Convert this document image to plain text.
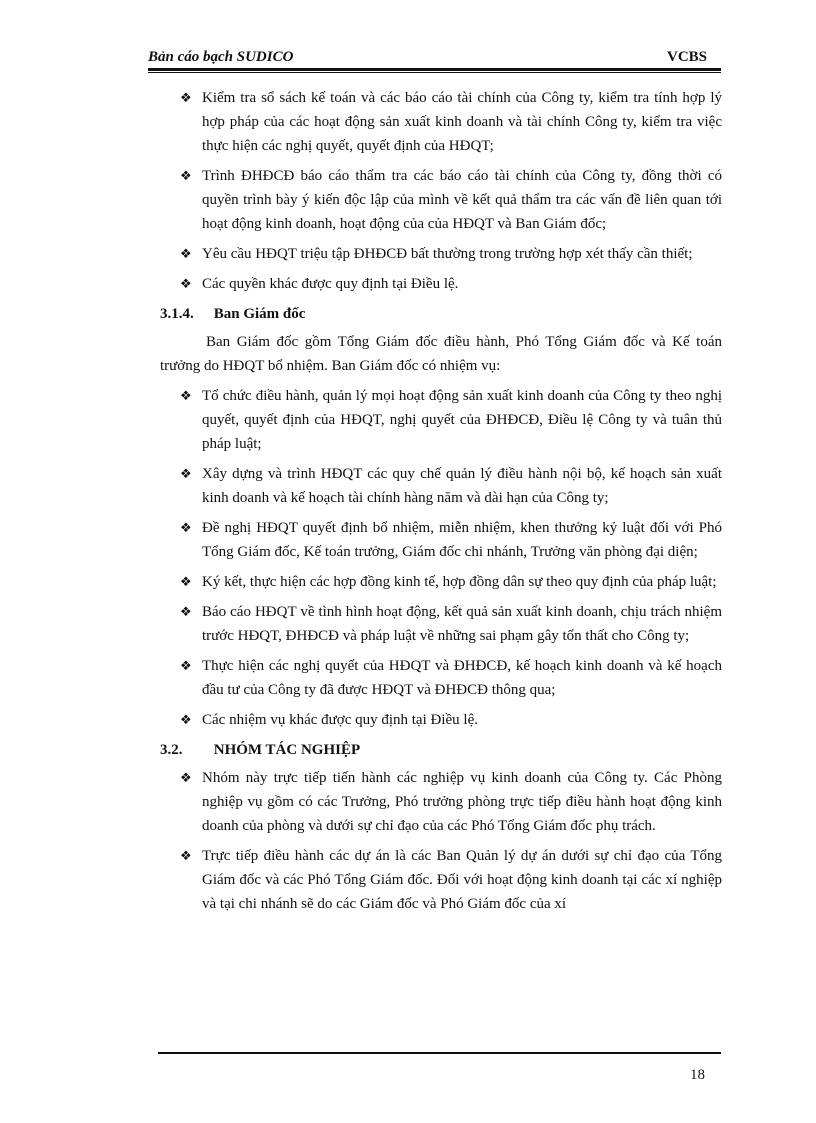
Bản cáo bạch SUDICO	VCBS
❖ Kiểm tra sổ sách kế toán và các báo cáo tài chính của Công ty, kiểm tra tính hợp lý hợp pháp của các hoạt động sản xuất kinh doanh và tài chính Công ty, kiểm tra việc thực hiện các nghị quyết, quyết định của HĐQT;
❖ Trình ĐHĐCĐ báo cáo thẩm tra các báo cáo tài chính của Công ty, đồng thời có quyền trình bày ý kiến độc lập của mình về kết quả thẩm tra các vấn đề liên quan tới hoạt động kinh doanh, hoạt động của của HĐQT và Ban Giám đốc;
❖ Yêu cầu HĐQT triệu tập ĐHĐCĐ bất thường trong trường hợp xét thấy cần thiết;
❖ Các quyền khác được quy định tại Điều lệ.
3.1.4. Ban Giám đốc
Ban Giám đốc gồm Tổng Giám đốc điều hành, Phó Tổng Giám đốc và Kế toán trưởng do HĐQT bổ nhiệm. Ban Giám đốc có nhiệm vụ:
❖ Tổ chức điều hành, quản lý mọi hoạt động sản xuất kinh doanh của Công ty theo nghị quyết, quyết định của HĐQT, nghị quyết của ĐHĐCĐ, Điều lệ Công ty và tuân thủ pháp luật;
❖ Xây dựng và trình HĐQT các quy chế quản lý điều hành nội bộ, kế hoạch sản xuất kinh doanh và kế hoạch tài chính hàng năm và dài hạn của Công ty;
❖ Đề nghị HĐQT quyết định bổ nhiệm, miễn nhiệm, khen thưởng kỷ luật đối với Phó Tổng Giám đốc, Kế toán trưởng, Giám đốc chi nhánh, Trưởng văn phòng đại diện;
❖ Ký kết, thực hiện các hợp đồng kinh tế, hợp đồng dân sự theo quy định của pháp luật;
❖ Báo cáo HĐQT về tình hình hoạt động, kết quả sản xuất kinh doanh, chịu trách nhiệm trước HĐQT, ĐHĐCĐ và pháp luật về những sai phạm gây tổn thất cho Công ty;
❖ Thực hiện các nghị quyết của HĐQT và ĐHĐCĐ, kế hoạch kinh doanh và kế hoạch đầu tư của Công ty đã được HĐQT và ĐHĐCĐ thông qua;
❖ Các nhiệm vụ khác được quy định tại Điều lệ.
3.2. NHÓM TÁC NGHIỆP
❖ Nhóm này trực tiếp tiến hành các nghiệp vụ kinh doanh của Công ty. Các Phòng nghiệp vụ gồm có các Trưởng, Phó trưởng phòng trực tiếp điều hành hoạt động kinh doanh của phòng và dưới sự chỉ đạo của các Phó Tổng Giám đốc phụ trách.
❖ Trực tiếp điều hành các dự án là các Ban Quản lý dự án dưới sự chỉ đạo của Tổng Giám đốc và các Phó Tổng Giám đốc. Đối với hoạt động kinh doanh tại các xí nghiệp và tại chi nhánh sẽ do các Giám đốc và Phó Giám đốc của xí
18
